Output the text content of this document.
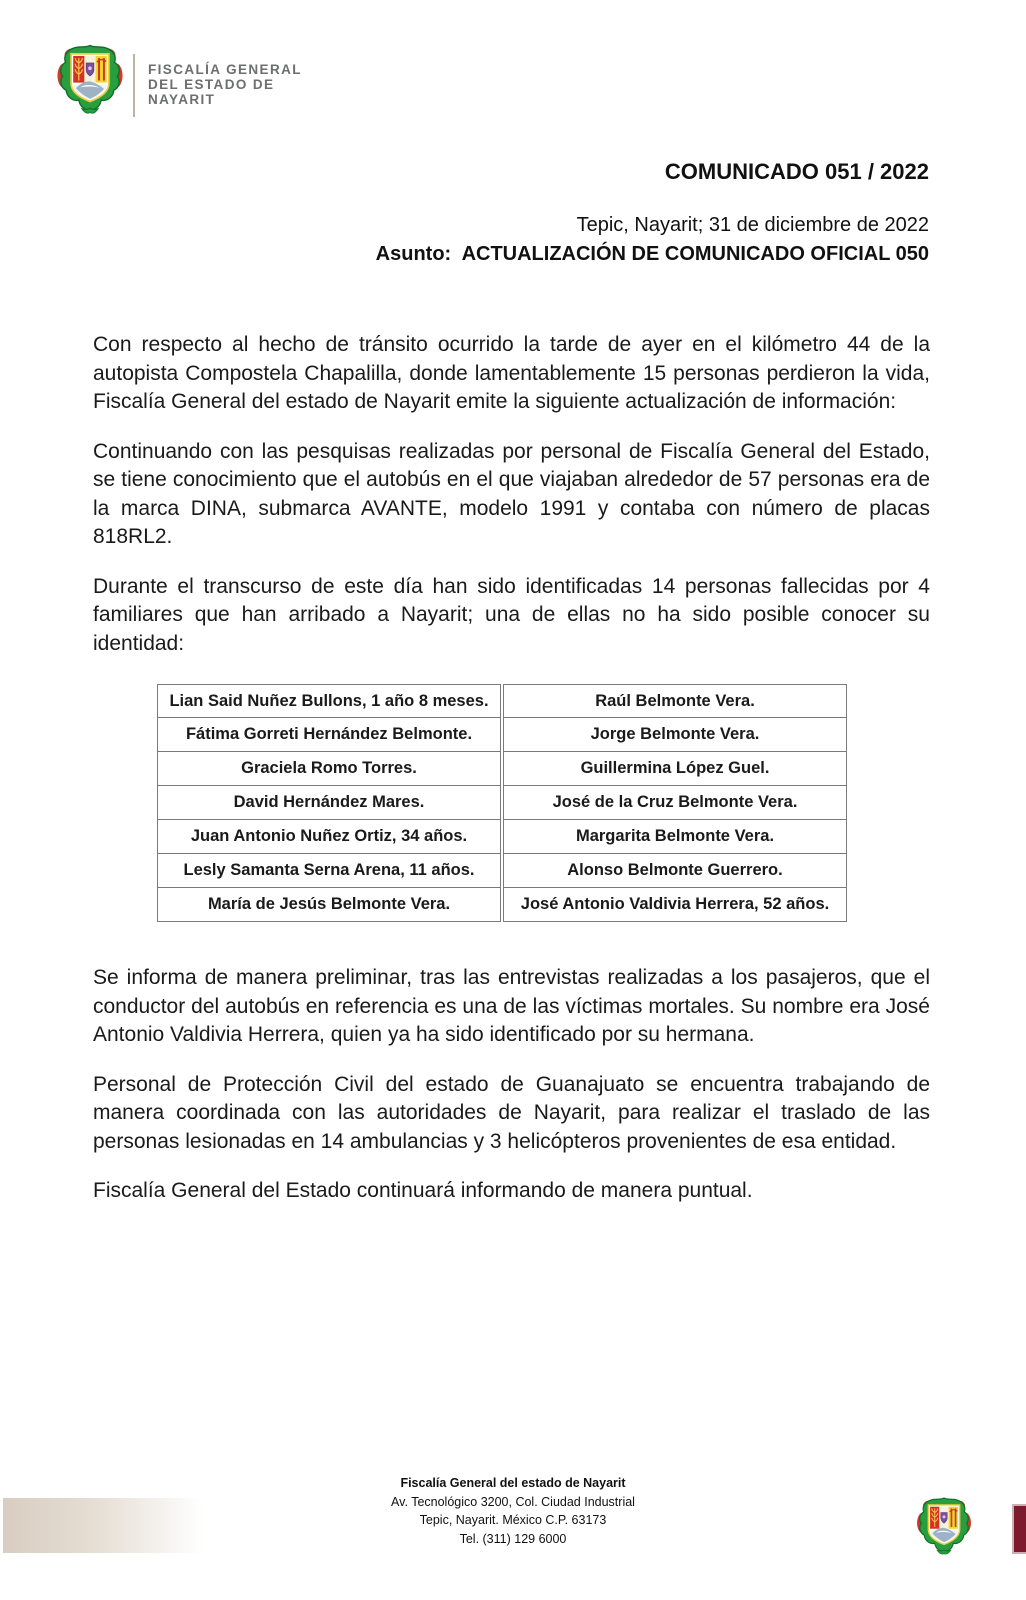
FISCALÍA GENERAL
DEL ESTADO DE
NAYARIT
COMUNICADO 051 / 2022
Tepic, Nayarit; 31 de diciembre de 2022
Asunto:  ACTUALIZACIÓN DE COMUNICADO OFICIAL 050

Con respecto al hecho de tránsito ocurrido la tarde de ayer en el kilómetro 44 de la autopista Compostela Chapalilla, donde lamentablemente 15 personas perdieron la vida, Fiscalía General del estado de Nayarit emite la siguiente actualización de información:

Continuando con las pesquisas realizadas por personal de Fiscalía General del Estado, se tiene conocimiento que el autobús en el que viajaban alrededor de 57 personas era de la marca DINA, submarca AVANTE, modelo 1991 y contaba con número de placas 818RL2.

Durante el transcurso de este día han sido identificadas 14 personas fallecidas por 4 familiares que han arribado a Nayarit; una de ellas no ha sido posible conocer su identidad:

Lian Said Nuñez Bullons, 1 año 8 meses.
Fátima Gorreti Hernández Belmonte.
Graciela Romo Torres.
David Hernández Mares.
Juan Antonio Nuñez Ortiz, 34 años.
Lesly Samanta Serna Arena, 11 años.
María de Jesús Belmonte Vera.
Raúl Belmonte Vera.
Jorge Belmonte Vera.
Guillermina López Guel.
José de la Cruz Belmonte Vera.
Margarita Belmonte Vera.
Alonso Belmonte Guerrero.
José Antonio Valdivia Herrera, 52 años.

Se informa de manera preliminar, tras las entrevistas realizadas a los pasajeros, que el conductor del autobús en referencia es una de las víctimas mortales. Su nombre era José Antonio Valdivia Herrera, quien ya ha sido identificado por su hermana.

Personal de Protección Civil del estado de Guanajuato se encuentra trabajando de manera coordinada con las autoridades de Nayarit, para realizar el traslado de las personas lesionadas en 14 ambulancias y 3 helicópteros provenientes de esa entidad.

Fiscalía General del Estado continuará informando de manera puntual.

Fiscalía General del estado de Nayarit
Av. Tecnológico 3200, Col. Ciudad Industrial
Tepic, Nayarit. México C.P. 63173
Tel. (311) 129 6000
